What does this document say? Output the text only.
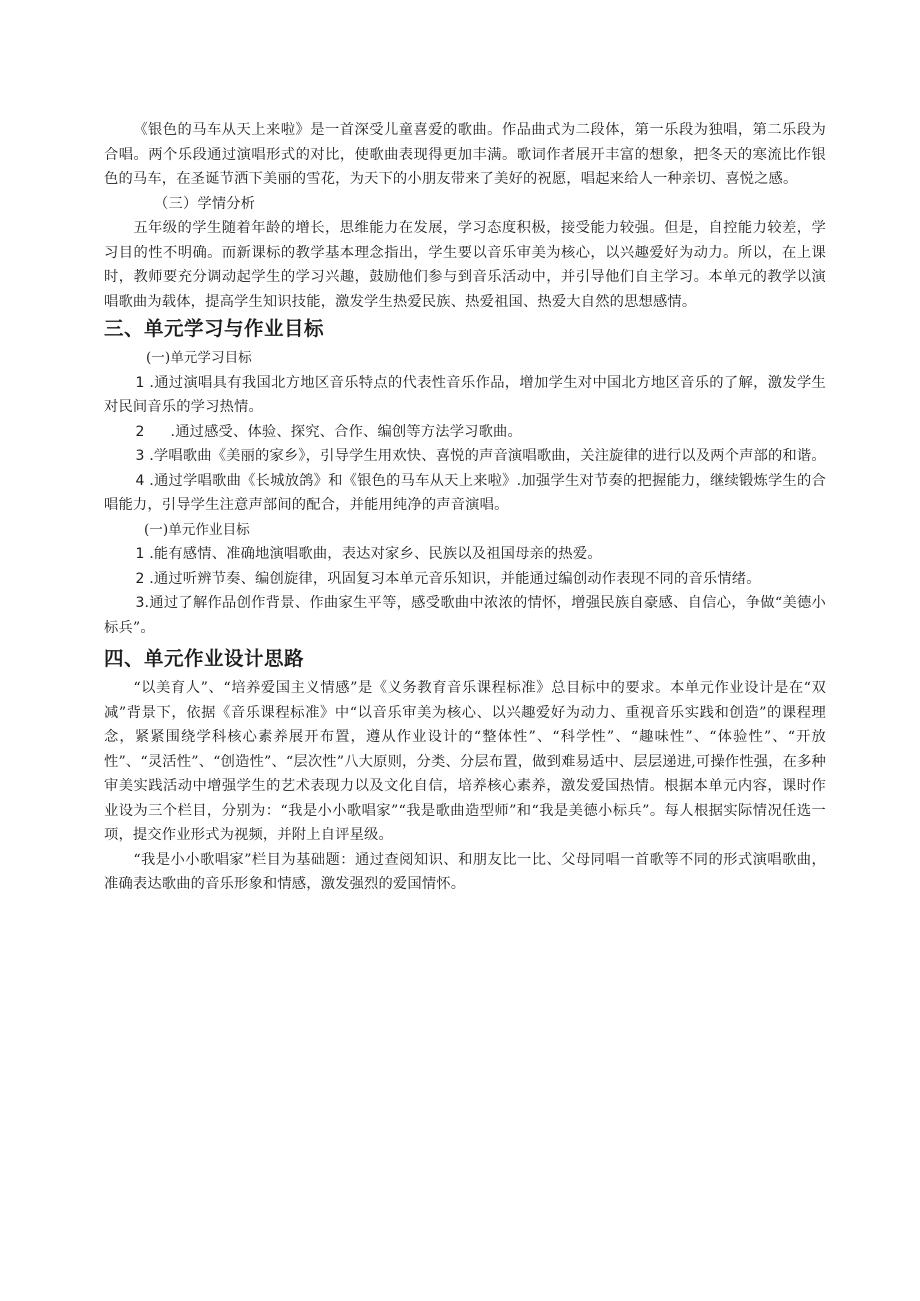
《银色的马车从天上来啦》是一首深受儿童喜爱的歌曲。作品曲式为二段体，第一乐段为独唱，第二乐段为合唱。两个乐段通过演唱形式的对比，使歌曲表现得更加丰满。歌词作者展开丰富的想象，把冬天的寒流比作银色的马车，在圣诞节洒下美丽的雪花，为天下的小朋友带来了美好的祝愿，唱起来给人一种亲切、喜悦之感。

（三）学情分析

五年级的学生随着年龄的增长，思维能力在发展，学习态度积极，接受能力较强。但是，自控能力较差，学习目的性不明确。而新课标的教学基本理念指出，学生要以音乐审美为核心，以兴趣爱好为动力。所以，在上课时，教师要充分调动起学生的学习兴趣，鼓励他们参与到音乐活动中，并引导他们自主学习。本单元的教学以演唱歌曲为载体，提高学生知识技能，激发学生热爱民族、热爱祖国、热爱大自然的思想感情。

三、单元学习与作业目标

(一)单元学习目标

1 .通过演唱具有我国北方地区音乐特点的代表性音乐作品，增加学生对中国北方地区音乐的了解，激发学生对民间音乐的学习热情。

2 .通过感受、体验、探究、合作、编创等方法学习歌曲。

3 .学唱歌曲《美丽的家乡》，引导学生用欢快、喜悦的声音演唱歌曲，关注旋律的进行以及两个声部的和谐。

4 .通过学唱歌曲《长城放鸽》和《银色的马车从天上来啦》.加强学生对节奏的把握能力，继续锻炼学生的合唱能力，引导学生注意声部间的配合，并能用纯净的声音演唱。

(一)单元作业目标

1 .能有感情、准确地演唱歌曲，表达对家乡、民族以及祖国母亲的热爱。

2 .通过听辨节奏、编创旋律，巩固复习本单元音乐知识，并能通过编创动作表现不同的音乐情绪。

3.通过了解作品创作背景、作曲家生平等，感受歌曲中浓浓的情怀，增强民族自豪感、自信心，争做“美德小标兵”。

四、单元作业设计思路

“以美育人”、“培养爱国主义情感”是《义务教育音乐课程标准》总目标中的要求。本单元作业设计是在“双减”背景下，依据《音乐课程标准》中“以音乐审美为核心、以兴趣爱好为动力、重视音乐实践和创造”的课程理念，紧紧围绕学科核心素养展开布置，遵从作业设计的“整体性”、“科学性”、“趣味性”、“体验性”、“开放性”、“灵活性”、“创造性”、“层次性”八大原则，分类、分层布置，做到难易适中、层层递进,可操作性强，在多种审美实践活动中增强学生的艺术表现力以及文化自信，培养核心素养，激发爱国热情。根据本单元内容，课时作业设为三个栏目，分别为：“我是小小歌唱家”“我是歌曲造型师”和“我是美德小标兵”。每人根据实际情况任选一项，提交作业形式为视频，并附上自评星级。

“我是小小歌唱家”栏目为基础题：通过查阅知识、和朋友比一比、父母同唱一首歌等不同的形式演唱歌曲，准确表达歌曲的音乐形象和情感，激发强烈的爱国情怀。
